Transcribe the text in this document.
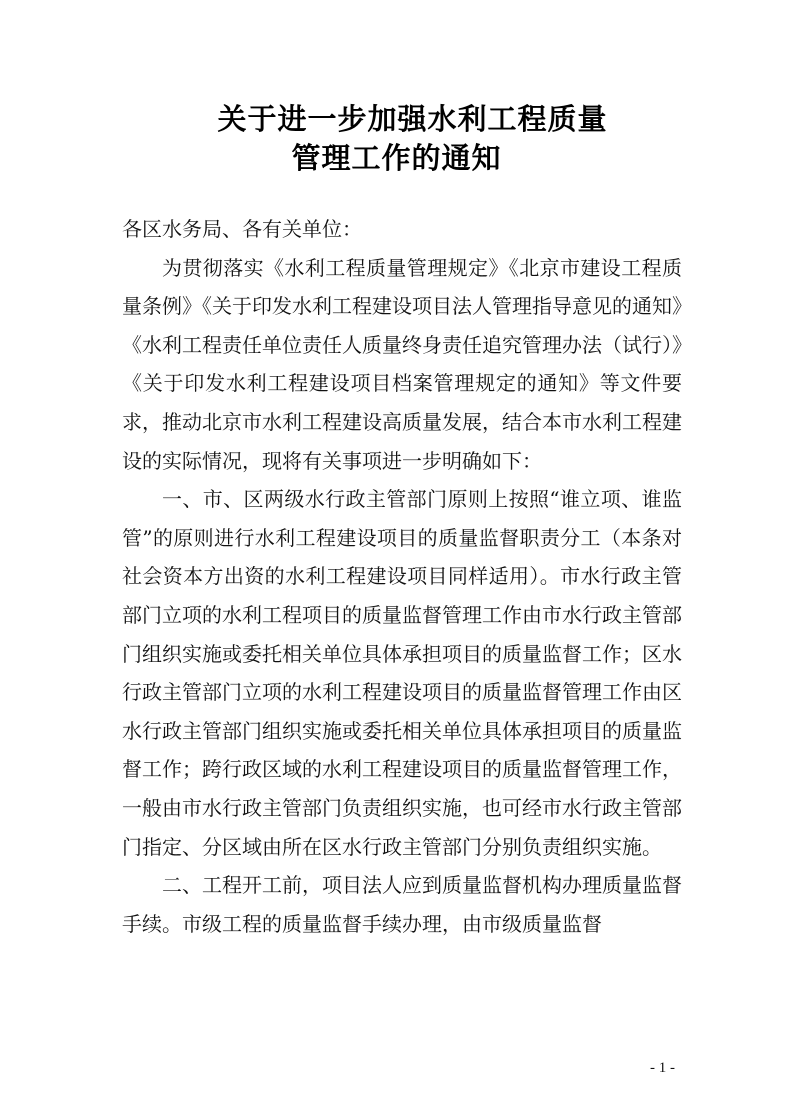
关于进一步加强水利工程质量
管理工作的通知

各区水务局、各有关单位：

为贯彻落实《水利工程质量管理规定》《北京市建设工程质量条例》《关于印发水利工程建设项目法人管理指导意见的通知》《水利工程责任单位责任人质量终身责任追究管理办法（试行）》《关于印发水利工程建设项目档案管理规定的通知》等文件要求，推动北京市水利工程建设高质量发展，结合本市水利工程建设的实际情况，现将有关事项进一步明确如下：

一、市、区两级水行政主管部门原则上按照“谁立项、谁监管”的原则进行水利工程建设项目的质量监督职责分工（本条对社会资本方出资的水利工程建设项目同样适用）。市水行政主管部门立项的水利工程项目的质量监督管理工作由市水行政主管部门组织实施或委托相关单位具体承担项目的质量监督工作；区水行政主管部门立项的水利工程建设项目的质量监督管理工作由区水行政主管部门组织实施或委托相关单位具体承担项目的质量监督工作；跨行政区域的水利工程建设项目的质量监督管理工作，一般由市水行政主管部门负责组织实施，也可经市水行政主管部门指定、分区域由所在区水行政主管部门分别负责组织实施。

二、工程开工前，项目法人应到质量监督机构办理质量监督手续。市级工程的质量监督手续办理，由市级质量监督

- 1 -
